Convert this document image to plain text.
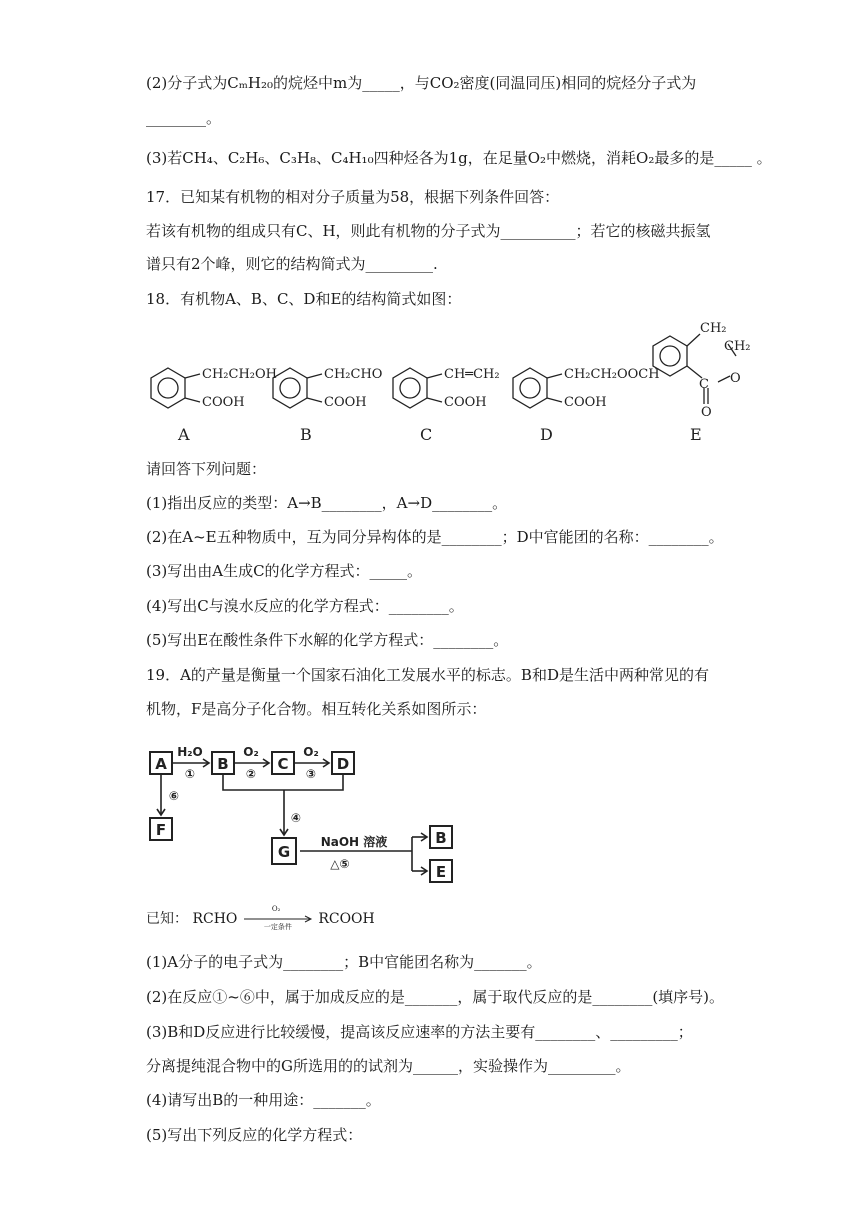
(2)分子式为CₘH₂₀的烷烃中m为_____，与CO₂密度(同温同压)相同的烷烃分子式为
________。
(3)若CH₄、C₂H₆、C₃H₈、C₄H₁₀四种烃各为1g，在足量O₂中燃烧，消耗O₂最多的是_____ 。
17．已知某有机物的相对分子质量为58，根据下列条件回答：
若该有机物的组成只有C、H，则此有机物的分子式为__________；若它的核磁共振氢
谱只有2个峰，则它的结构简式为_________.
18．有机物A、B、C、D和E的结构简式如图：
CH₂CH₂OH
COOH
CH₂CHO
COOH
CH═CH₂
COOH
CH₂CH₂OOCH
COOH
CH₂
CH₂
O
C
O
A	B	C	D	E
请回答下列问题：
(1)指出反应的类型：A→B________，A→D________。
(2)在A~E五种物质中，互为同分异构体的是________；D中官能团的名称：________。
(3)写出由A生成C的化学方程式：_____。
(4)写出C与溴水反应的化学方程式：________。
(5)写出E在酸性条件下水解的化学方程式：________。
19．A的产量是衡量一个国家石油化工发展水平的标志。B和D是生活中两种常见的有
机物，F是高分子化合物。相互转化关系如图所示：
A	B	C	D
F
G
B
E
H₂O
①
O₂
②
O₂
③
⑥
④
NaOH 溶液
△⑤
已知： RCHO
O₂
一定条件 RCOOH
(1)A分子的电子式为________；B中官能团名称为_______。
(2)在反应①~⑥中，属于加成反应的是_______，属于取代反应的是________(填序号)。
(3)B和D反应进行比较缓慢，提高该反应速率的方法主要有________、_________；
分离提纯混合物中的G所选用的的试剂为______，实验操作为_________。
(4)请写出B的一种用途：_______。
(5)写出下列反应的化学方程式：
